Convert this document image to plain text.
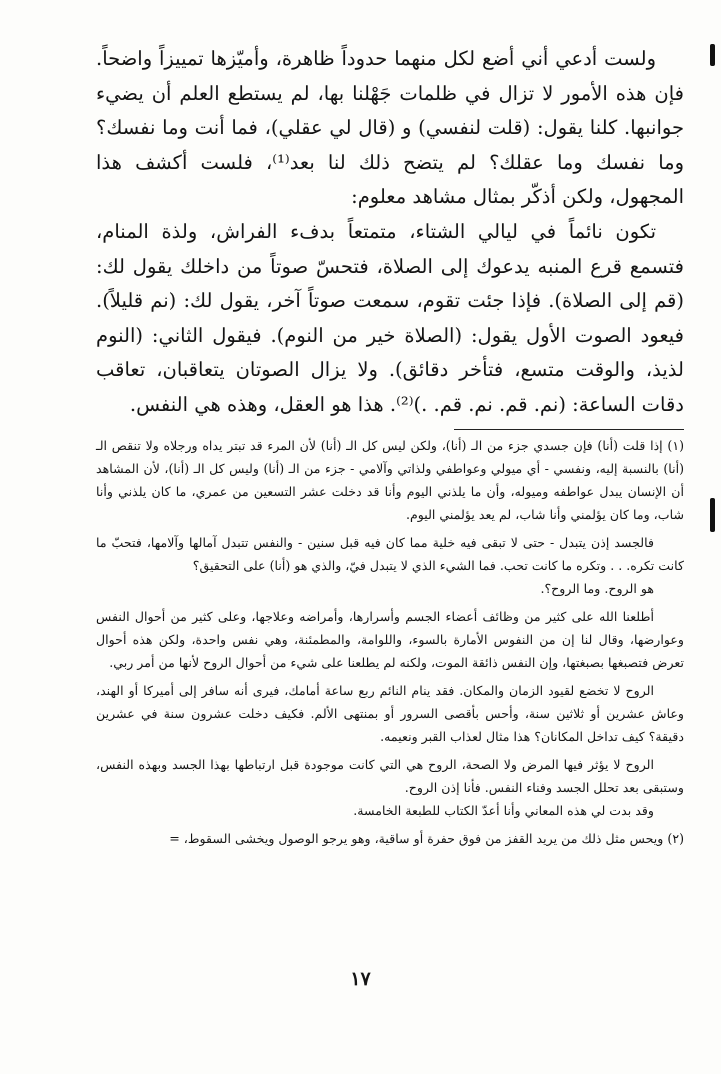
ولست أدعي أني أضع لكل منهما حدوداً ظاهرة، وأميّزها تمييزاً واضحاً. فإن هذه الأمور لا تزال في ظلمات جَهْلنا بها، لم يستطع العلم أن يضيء جوانبها. كلنا يقول: (قلت لنفسي) و (قال لي عقلي)، فما أنت وما نفسك؟ وما نفسك وما عقلك؟ لم يتضح ذلك لنا بعد⁽¹⁾، فلست أكشف هذا المجهول، ولكن أذكّر بمثال مشاهد معلوم:

تكون نائماً في ليالي الشتاء، متمتعاً بدفء الفراش، ولذة المنام، فتسمع قرع المنبه يدعوك إلى الصلاة، فتحسّ صوتاً من داخلك يقول لك: (قم إلى الصلاة). فإذا جئت تقوم، سمعت صوتاً آخر، يقول لك: (نم قليلاً). فيعود الصوت الأول يقول: (الصلاة خير من النوم). فيقول الثاني: (النوم لذيذ، والوقت متسع، فتأخر دقائق). ولا يزال الصوتان يتعاقبان، تعاقب دقات الساعة: (نم. قم. نم. قم. .)⁽²⁾. هذا هو العقل، وهذه هي النفس.

(١) إذا قلت (أنا) فإن جسدي جزء من الـ (أنا)، ولكن ليس كل الـ (أنا) لأن المرء قد تبتر يداه ورجلاه ولا تنقص الـ (أنا) بالنسبة إليه، ونفسي - أي ميولي وعواطفي ولذاتي وآلامي - جزء من الـ (أنا) وليس كل الـ (أنا)، لأن المشاهد أن الإنسان يبدل عواطفه وميوله، وأن ما يلذني اليوم وأنا قد دخلت عشر التسعين من عمري، ما كان يلذني وأنا شاب، وما كان يؤلمني وأنا شاب، لم يعد يؤلمني اليوم.

فالجسد إذن يتبدل - حتى لا تبقى فيه خلية مما كان فيه قبل سنين - والنفس تتبدل آمالها وآلامها، فتحبّ ما كانت تكره. . . وتكره ما كانت تحب. فما الشيء الذي لا يتبدل فيّ، والذي هو (أنا) على التحقيق؟

هو الروح. وما الروح؟.

أطلعنا الله على كثير من وظائف أعضاء الجسم وأسرارها، وأمراضه وعلاجها، وعلى كثير من أحوال النفس وعوارضها، وقال لنا إن من النفوس الأمارة بالسوء، واللوامة، والمطمئنة، وهي نفس واحدة، ولكن هذه أحوال تعرض فتصبغها بصبغتها، وإن النفس ذائقة الموت، ولكنه لم يطلعنا على شيء من أحوال الروح لأنها من أمر ربي.

الروح لا تخضع لقيود الزمان والمكان. فقد ينام النائم ربع ساعة أمامك، فيرى أنه سافر إلى أميركا أو الهند، وعاش عشرين أو ثلاثين سنة، وأحس بأقصى السرور أو بمنتهى الألم. فكيف دخلت عشرون سنة في عشرين دقيقة؟ كيف تداخل المكانان؟ هذا مثال لعذاب القبر ونعيمه.

الروح لا يؤثر فيها المرض ولا الصحة، الروح هي التي كانت موجودة قبل ارتباطها بهذا الجسد وبهذه النفس، وستبقى بعد تحلل الجسد وفناء النفس. فأنا إذن الروح.

وقد بدت لي هذه المعاني وأنا أعدّ الكتاب للطبعة الخامسة.

(٢) ويحس مثل ذلك من يريد القفز من فوق حفرة أو ساقية، وهو يرجو الوصول ويخشى السقوط، =

١٧
